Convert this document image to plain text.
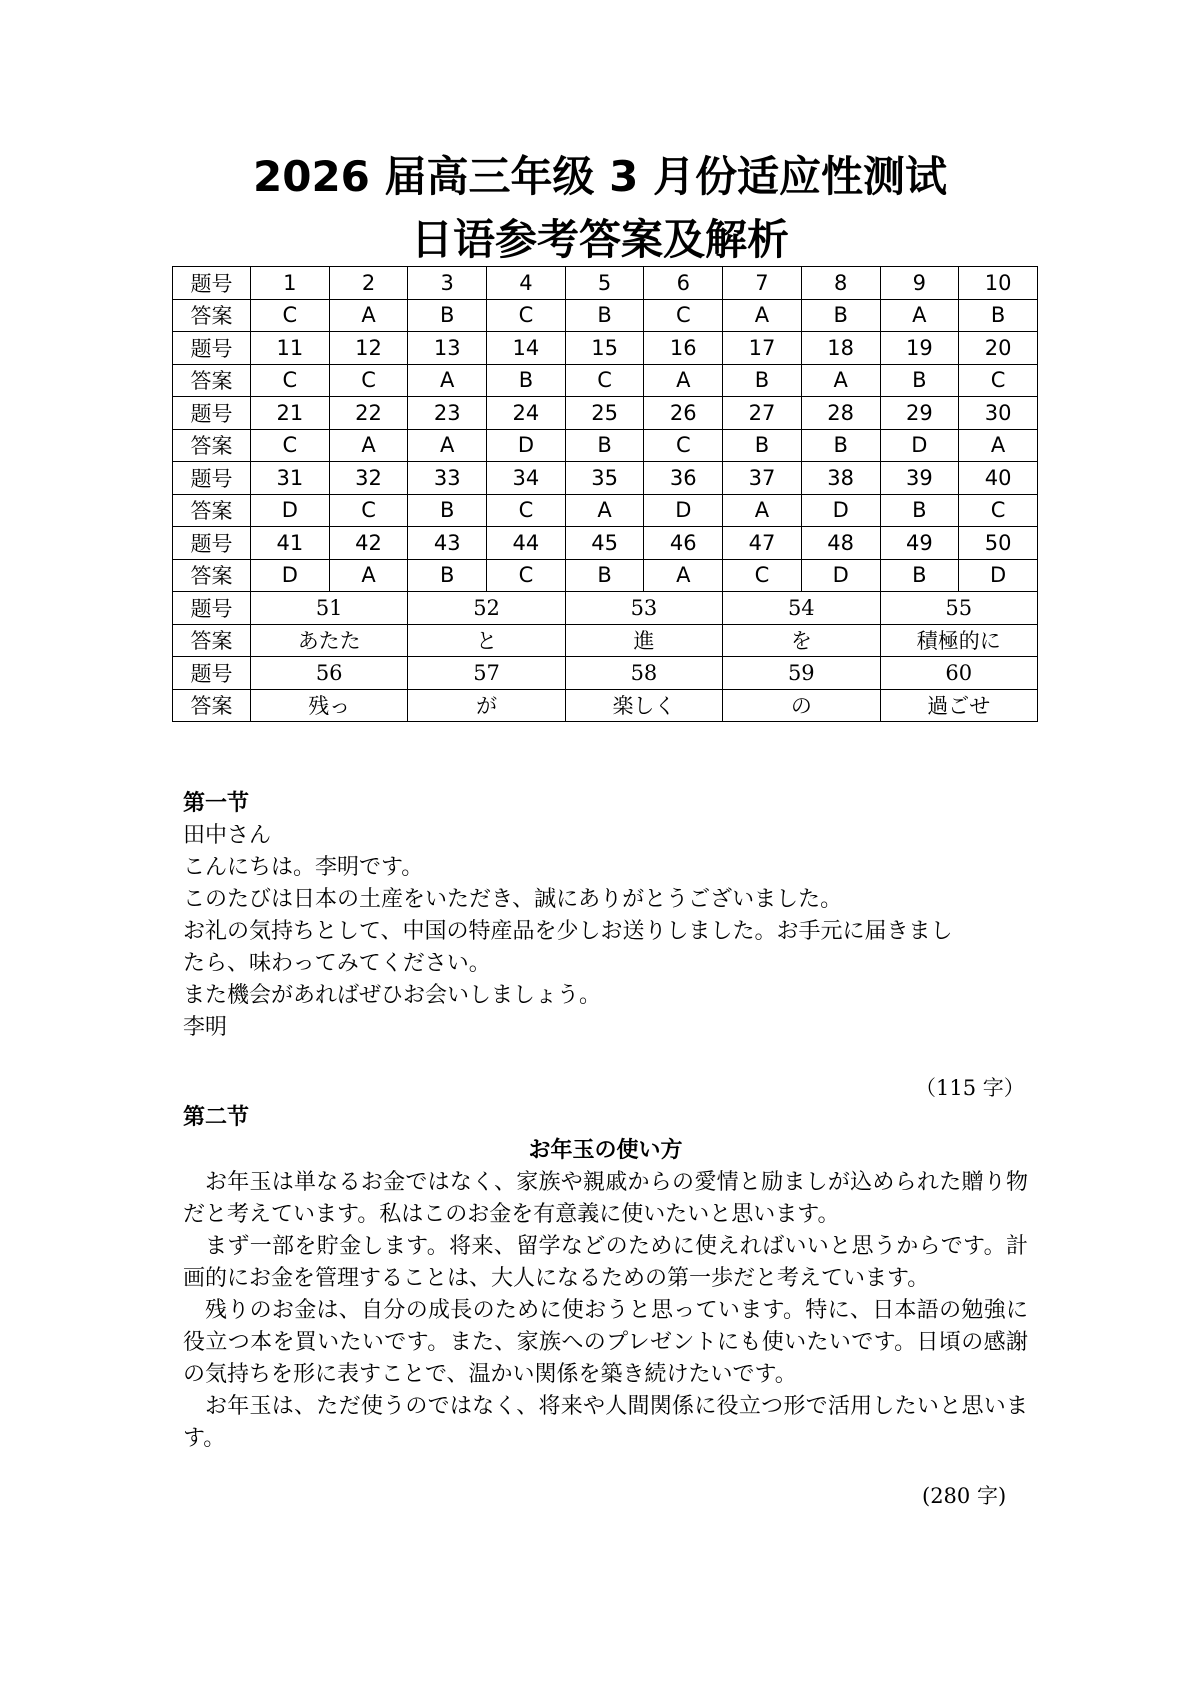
2026 届高三年级 3 月份适应性测试
日语参考答案及解析
题号	1	2	3	4	5	6	7	8	9	10
答案	C	A	B	C	B	C	A	B	A	B
题号	11	12	13	14	15	16	17	18	19	20
答案	C	C	A	B	C	A	B	A	B	C
题号	21	22	23	24	25	26	27	28	29	30
答案	C	A	A	D	B	C	B	B	D	A
题号	31	32	33	34	35	36	37	38	39	40
答案	D	C	B	C	A	D	A	D	B	C
题号	41	42	43	44	45	46	47	48	49	50
答案	D	A	B	C	B	A	C	D	B	D
题号	51		52		53		54		55	
答案	あたた		と		進		を		積極的に	
题号	56		57		58		59		60	
答案	残っ		が		楽しく		の		過ごせ	
第一节
田中さん
こんにちは。李明です。
このたびは日本の土産をいただき、誠にありがとうございました。
お礼の気持ちとして、中国の特産品を少しお送りしました。お手元に届きまし
たら、味わってみてください。
また機会があればぜひお会いしましょう。
李明
（115 字）
第二节
お年玉の使い方

お年玉は単なるお金ではなく、家族や親戚からの愛情と励ましが込められた贈り物だと考えています。私はこのお金を有意義に使いたいと思います。

まず一部を貯金します。将来、留学などのために使えればいいと思うからです。計画的にお金を管理することは、大人になるための第一歩だと考えています。

残りのお金は、自分の成長のために使おうと思っています。特に、日本語の勉強に役立つ本を買いたいです。また、家族へのプレゼントにも使いたいです。日頃の感謝の気持ちを形に表すことで、温かい関係を築き続けたいです。

お年玉は、ただ使うのではなく、将来や人間関係に役立つ形で活用したいと思います。

(280 字)
